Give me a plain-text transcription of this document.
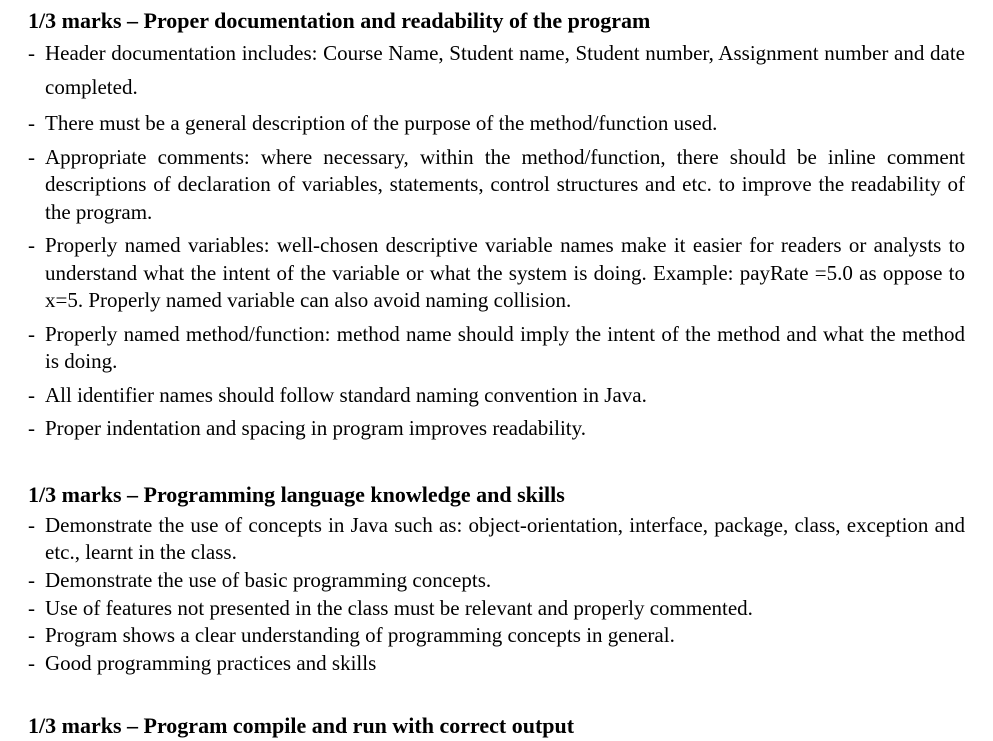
1/3 marks – Proper documentation and readability of the program
- Header documentation includes: Course Name, Student name, Student number, Assignment number and date completed.
- There must be a general description of the purpose of the method/function used.
- Appropriate comments: where necessary, within the method/function, there should be inline comment descriptions of declaration of variables, statements, control structures and etc. to improve the readability of the program.
- Properly named variables: well-chosen descriptive variable names make it easier for readers or analysts to understand what the intent of the variable or what the system is doing. Example: payRate =5.0 as oppose to x=5. Properly named variable can also avoid naming collision.
- Properly named method/function: method name should imply the intent of the method and what the method is doing.
- All identifier names should follow standard naming convention in Java.
- Proper indentation and spacing in program improves readability.
1/3 marks – Programming language knowledge and skills
- Demonstrate the use of concepts in Java such as: object-orientation, interface, package, class, exception and etc., learnt in the class.
- Demonstrate the use of basic programming concepts.
- Use of features not presented in the class must be relevant and properly commented.
- Program shows a clear understanding of programming concepts in general.
- Good programming practices and skills
1/3 marks – Program compile and run with correct output
